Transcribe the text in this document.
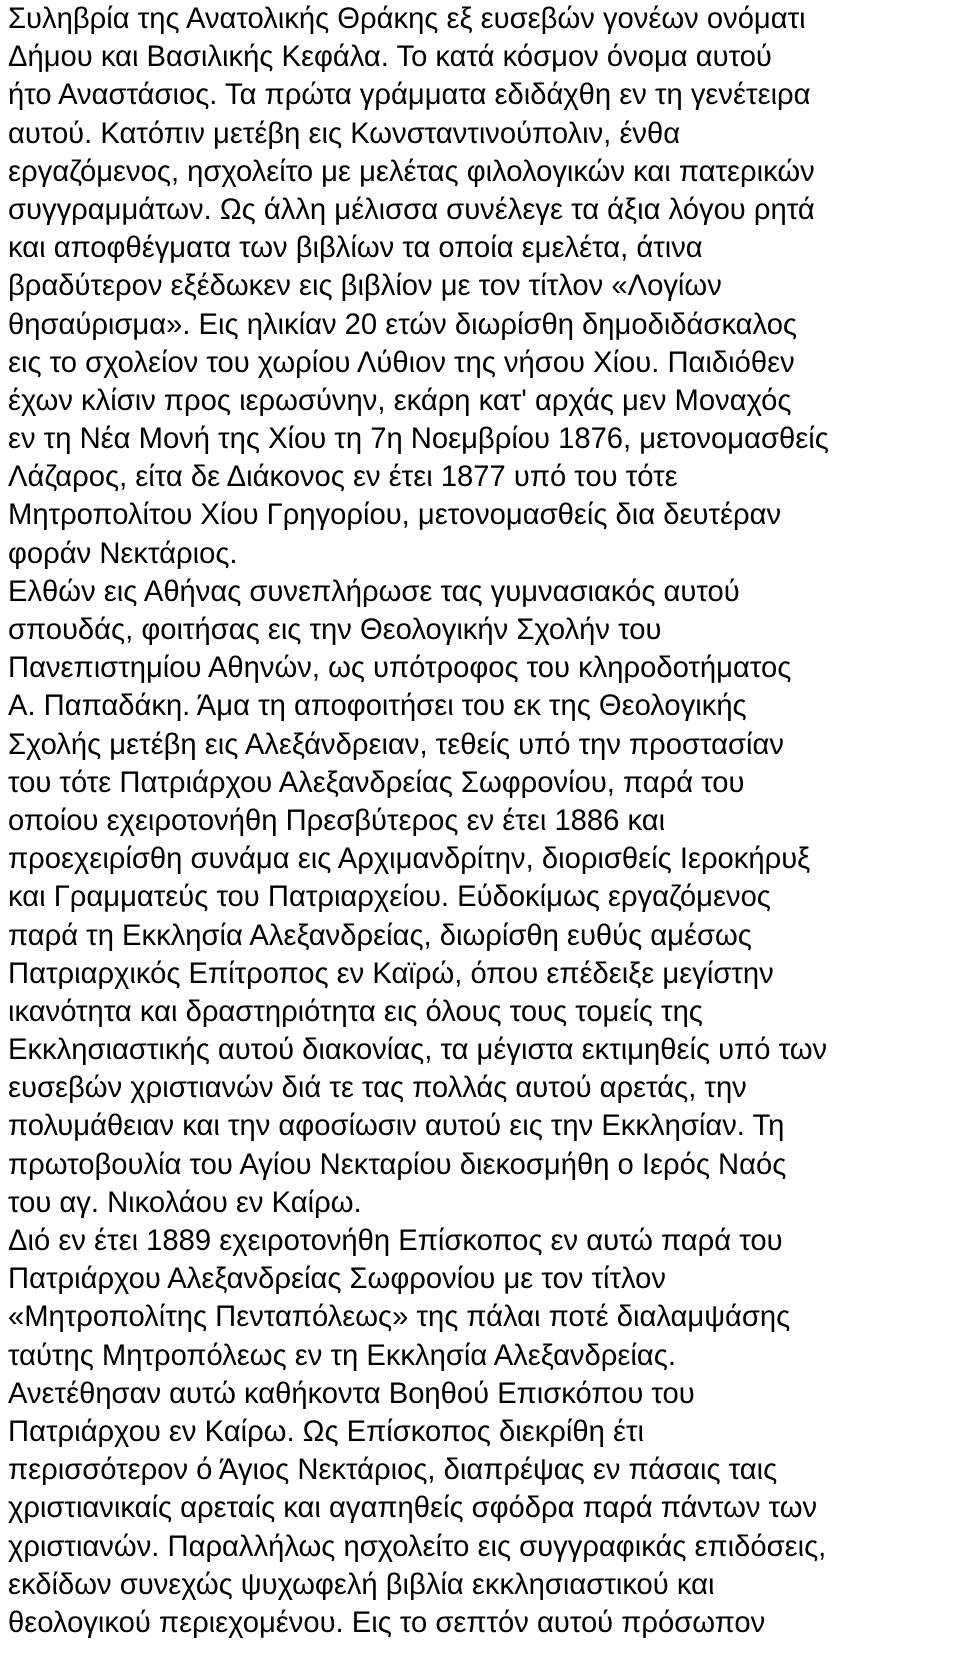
Συληβρία της Ανατολικής Θράκης εξ ευσεβών γονέων ονόματι
Δήμου και Βασιλικής Κεφάλα. Το κατά κόσμον όνομα αυτού
ήτο Αναστάσιος. Τα πρώτα γράμματα εδιδάχθη εν τη γενέτειρα
αυτού. Κατόπιν μετέβη εις Κωνσταντινούπολιν, ένθα
εργαζόμενος, ησχολείτο με μελέτας φιλολογικών και πατερικών
συγγραμμάτων. Ως άλλη μέλισσα συνέλεγε τα άξια λόγου ρητά
και αποφθέγματα των βιβλίων τα οποία εμελέτα, άτινα
βραδύτερον εξέδωκεν εις βιβλίον με τον τίτλον «Λογίων
θησαύρισμα». Εις ηλικίαν 20 ετών διωρίσθη δημοδιδάσκαλος
εις το σχολείον του χωρίου Λύθιον της νήσου Χίου. Παιδιόθεν
έχων κλίσιν προς ιερωσύνην, εκάρη κατ' αρχάς μεν Μοναχός
εν τη Νέα Μονή της Χίου τη 7η Νοεμβρίου 1876, μετονομασθείς
Λάζαρος, είτα δε Διάκονος εν έτει 1877 υπό του τότε
Μητροπολίτου Χίου Γρηγορίου, μετονομασθείς δια δευτέραν
φοράν Νεκτάριος.
Ελθών εις Αθήνας συνεπλήρωσε τας γυμνασιακός αυτού
σπουδάς, φοιτήσας εις την Θεολογικήν Σχολήν του
Πανεπιστημίου Αθηνών, ως υπότροφος του κληροδοτήματος
Α. Παπαδάκη. Άμα τη αποφοιτήσει του εκ της Θεολογικής
Σχολής μετέβη εις Αλεξάνδρειαν, τεθείς υπό την προστασίαν
του τότε Πατριάρχου Αλεξανδρείας Σωφρονίου, παρά του
οποίου εχειροτονήθη Πρεσβύτερος εν έτει 1886 και
προεχειρίσθη συνάμα εις Αρχιμανδρίτην, διορισθείς Ιεροκήρυξ
και Γραμματεύς του Πατριαρχείου. Εύδοκίμως εργαζόμενος
παρά τη Εκκλησία Αλεξανδρείας, διωρίσθη ευθύς αμέσως
Πατριαρχικός Επίτροπος εν Καϊρώ, όπου επέδειξε μεγίστην
ικανότητα και δραστηριότητα εις όλους τους τομείς της
Εκκλησιαστικής αυτού διακονίας, τα μέγιστα εκτιμηθείς υπό των
ευσεβών χριστιανών διά τε τας πολλάς αυτού αρετάς, την
πολυμάθειαν και την αφοσίωσιν αυτού εις την Εκκλησίαν. Τη
πρωτοβουλία του Αγίου Νεκταρίου διεκοσμήθη ο Ιερός Ναός
του αγ. Νικολάου εν Καίρω.
Διό εν έτει 1889 εχειροτονήθη Επίσκοπος εν αυτώ παρά του
Πατριάρχου Αλεξανδρείας Σωφρονίου με τον τίτλον
«Μητροπολίτης Πενταπόλεως» της πάλαι ποτέ διαλαμψάσης
ταύτης Μητροπόλεως εν τη Εκκλησία Αλεξανδρείας.
Ανετέθησαν αυτώ καθήκοντα Βοηθού Επισκόπου του
Πατριάρχου εν Καίρω. Ως Επίσκοπος διεκρίθη έτι
περισσότερον ό Άγιος Νεκτάριος, διαπρέψας εν πάσαις ταις
χριστιανικαίς αρεταίς και αγαπηθείς σφόδρα παρά πάντων των
χριστιανών. Παραλλήλως ησχολείτο εις συγγραφικάς επιδόσεις,
εκδίδων συνεχώς ψυχωφελή βιβλία εκκλησιαστικού και
θεολογικού περιεχομένου. Εις το σεπτόν αυτού πρόσωπον
